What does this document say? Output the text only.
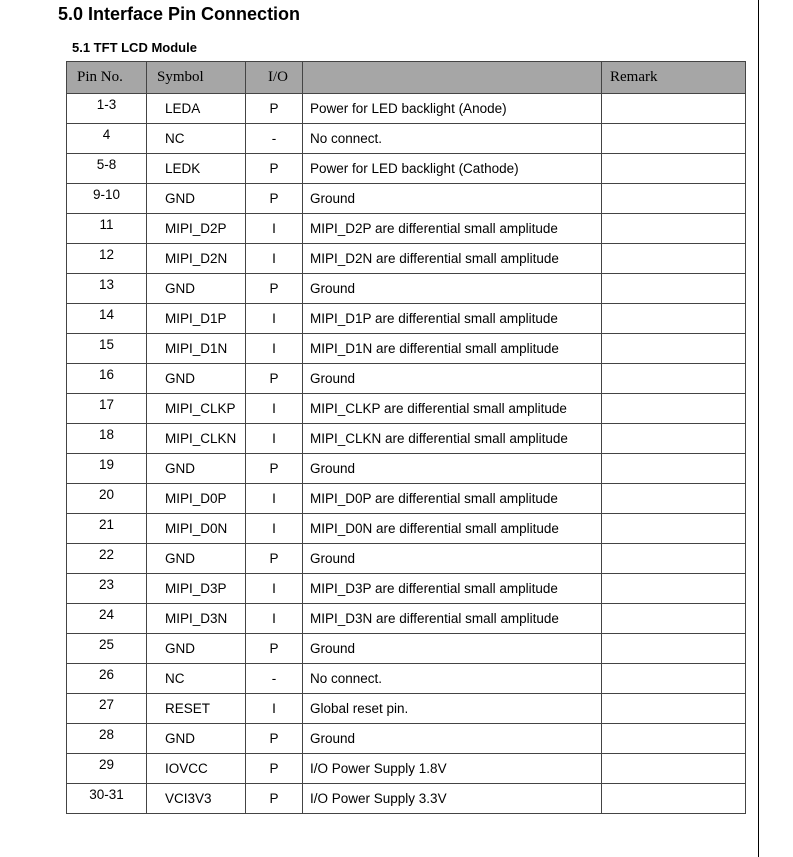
5.0 Interface Pin Connection
5.1 TFT LCD Module
Pin No.	Symbol	I/O		Remark
1-3	LEDA	P	Power for LED backlight (Anode)	
4	NC	-	No connect.	
5-8	LEDK	P	Power for LED backlight (Cathode)	
9-10	GND	P	Ground	
11	MIPI_D2P	I	MIPI_D2P are differential small amplitude	
12	MIPI_D2N	I	MIPI_D2N are differential small amplitude	
13	GND	P	Ground	
14	MIPI_D1P	I	MIPI_D1P are differential small amplitude	
15	MIPI_D1N	I	MIPI_D1N are differential small amplitude	
16	GND	P	Ground	
17	MIPI_CLKP	I	MIPI_CLKP are differential small amplitude	
18	MIPI_CLKN	I	MIPI_CLKN are differential small amplitude	
19	GND	P	Ground	
20	MIPI_D0P	I	MIPI_D0P are differential small amplitude	
21	MIPI_D0N	I	MIPI_D0N are differential small amplitude	
22	GND	P	Ground	
23	MIPI_D3P	I	MIPI_D3P are differential small amplitude	
24	MIPI_D3N	I	MIPI_D3N are differential small amplitude	
25	GND	P	Ground	
26	NC	-	No connect.	
27	RESET	I	Global reset pin.	
28	GND	P	Ground	
29	IOVCC	P	I/O Power Supply 1.8V	
30-31	VCI3V3	P	I/O Power Supply 3.3V	
